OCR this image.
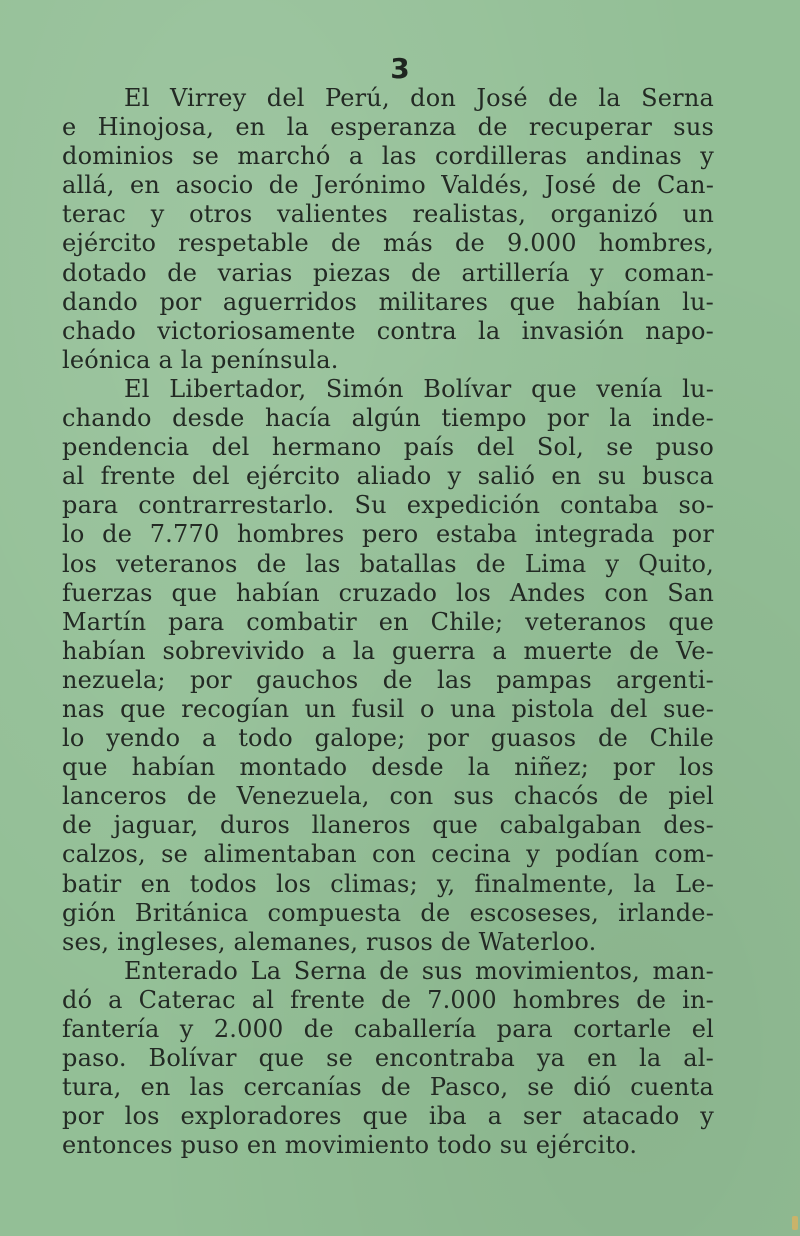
3
El Virrey del Perú, don José de la Serna
e Hinojosa, en la esperanza de recuperar sus
dominios se marchó a las cordilleras andinas y
allá, en asocio de Jerónimo Valdés, José de Can-
terac y otros valientes realistas, organizó un
ejército respetable de más de 9.000 hombres,
dotado de varias piezas de artillería y coman-
dando por aguerridos militares que habían lu-
chado victoriosamente contra la invasión napo-
leónica a la península.
El Libertador, Simón Bolívar que venía lu-
chando desde hacía algún tiempo por la inde-
pendencia del hermano país del Sol, se puso
al frente del ejército aliado y salió en su busca
para contrarrestarlo. Su expedición contaba so-
lo de 7.770 hombres pero estaba integrada por
los veteranos de las batallas de Lima y Quito,
fuerzas que habían cruzado los Andes con San
Martín para combatir en Chile; veteranos que
habían sobrevivido a la guerra a muerte de Ve-
nezuela; por gauchos de las pampas argenti-
nas que recogían un fusil o una pistola del sue-
lo yendo a todo galope; por guasos de Chile
que habían montado desde la niñez; por los
lanceros de Venezuela, con sus chacós de piel
de jaguar, duros llaneros que cabalgaban des-
calzos, se alimentaban con cecina y podían com-
batir en todos los climas; y, finalmente, la Le-
gión Británica compuesta de escoseses, irlande-
ses, ingleses, alemanes, rusos de Waterloo.
Enterado La Serna de sus movimientos, man-
dó a Caterac al frente de 7.000 hombres de in-
fantería y 2.000 de caballería para cortarle el
paso. Bolívar que se encontraba ya en la al-
tura, en las cercanías de Pasco, se dió cuenta
por los exploradores que iba a ser atacado y
entonces puso en movimiento todo su ejército.
